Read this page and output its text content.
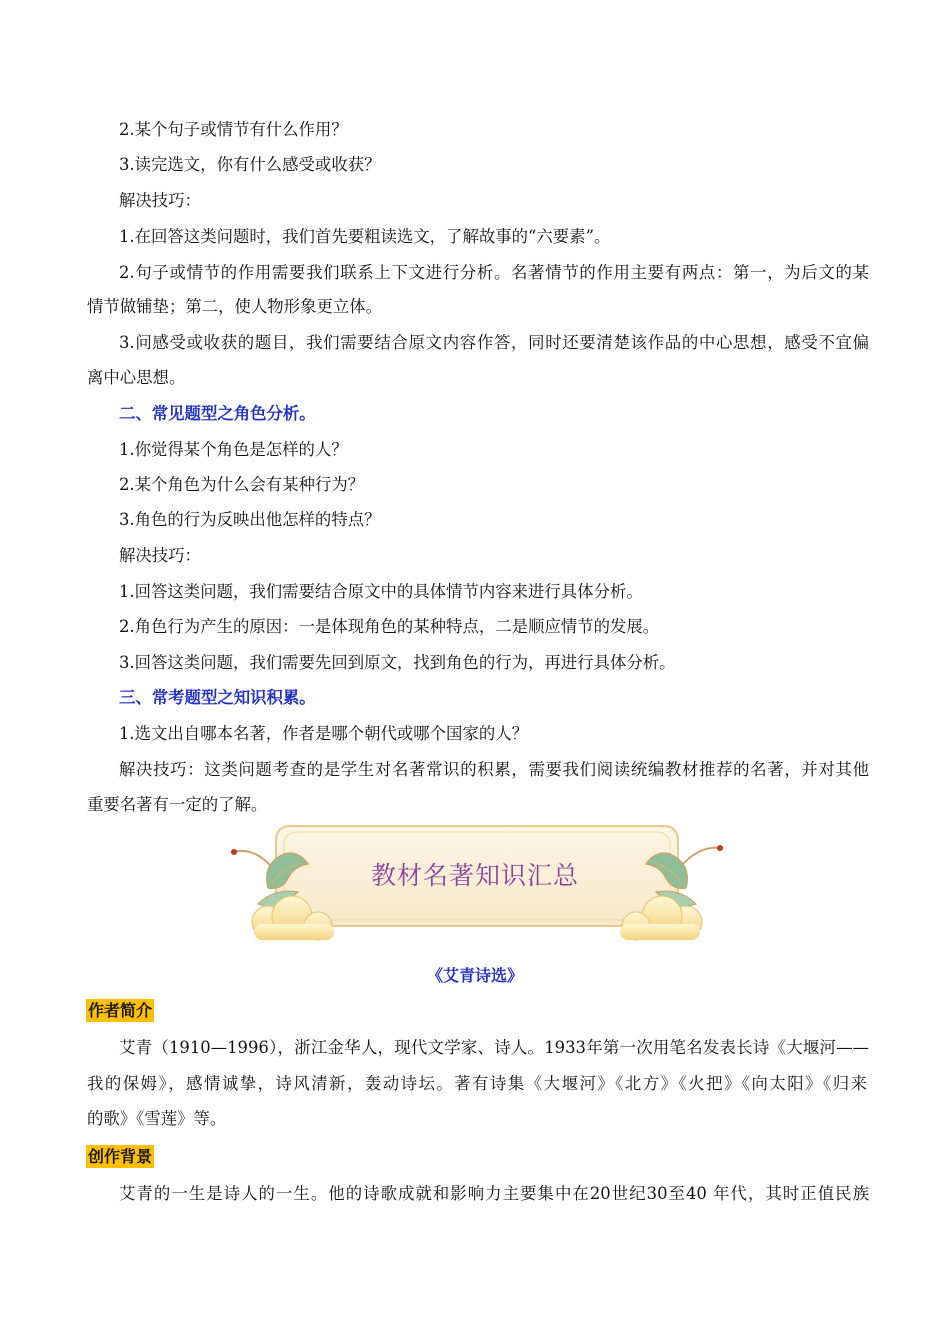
2.某个句子或情节有什么作用？
3.读完选文，你有什么感受或收获？
解决技巧：
1.在回答这类问题时，我们首先要粗读选文，了解故事的“六要素”。
2.句子或情节的作用需要我们联系上下文进行分析。名著情节的作用主要有两点：第一，为后文的某
情节做铺垫；第二，使人物形象更立体。
3.问感受或收获的题目，我们需要结合原文内容作答，同时还要清楚该作品的中心思想，感受不宜偏
离中心思想。
二、常见题型之角色分析。
1.你觉得某个角色是怎样的人？
2.某个角色为什么会有某种行为？
3.角色的行为反映出他怎样的特点？
解决技巧：
1.回答这类问题，我们需要结合原文中的具体情节内容来进行具体分析。
2.角色行为产生的原因：一是体现角色的某种特点，二是顺应情节的发展。
3.回答这类问题，我们需要先回到原文，找到角色的行为，再进行具体分析。
三、常考题型之知识积累。
1.选文出自哪本名著，作者是哪个朝代或哪个国家的人？
解决技巧：这类问题考查的是学生对名著常识的积累，需要我们阅读统编教材推荐的名著，并对其他
重要名著有一定的了解。
教材名著知识汇总
《艾青诗选》
作者简介
艾青（1910—1996），浙江金华人，现代文学家、诗人。1933年第一次用笔名发表长诗《大堰河——
我的保姆》，感情诚挚，诗风清新，轰动诗坛。著有诗集《大堰河》《北方》《火把》《向太阳》《归来
的歌》《雪莲》等。
创作背景
艾青的一生是诗人的一生。他的诗歌成就和影响力主要集中在20世纪30至40 年代，其时正值民族
